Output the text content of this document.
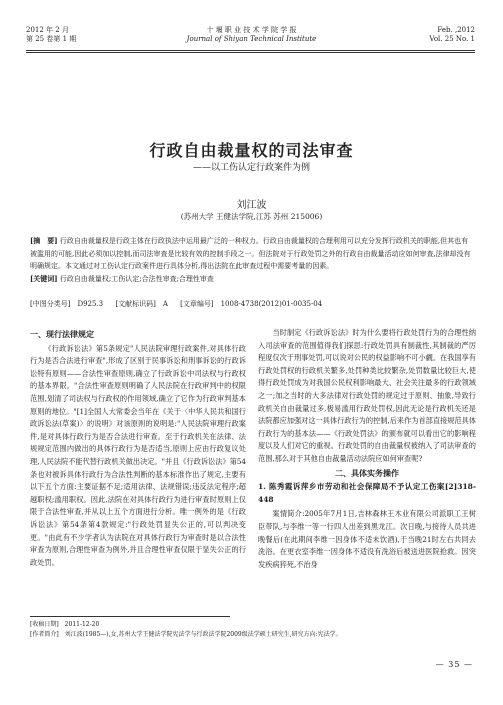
2012 年 2 月
第 25 卷第 1 期
十 堰 职 业 技 术 学 院 学 报
Journal of Shiyan Technical Institute
Feb. ,2012
Vol. 25 No. 1
行政自由裁量权的司法审查
——以工伤认定行政案件为例
刘江波
(苏州大学 王健法学院,江苏 苏州 215006)

[摘　要] 行政自由裁量权是行政主体在行政执法中运用最广泛的一种权力。行政自由裁量权的合理利用可以充分发挥行政机关的职能,但其也有被滥用的可能,因此必须加以控制,而司法审查是比较有效的控制手段之一。但法院对于行政处罚之外的行政自由裁量活动应如何审查,法律却没有明确规定。本文通过对工伤认定行政案件进行具体分析,得出法院在此审查过程中需要考量的因素。

[关键词] 行政自由裁量权;工伤认定;合法性审查;合理性审查

[中图分类号]　D925.3 [文献标识码]　A [文章编号]　1008-4738(2012)01-0035-04
一、现行法律规定

《行政诉讼法》第5条规定"人民法院审理行政案件,对具体行政行为是否合法进行审查",形成了区别于民事诉讼和刑事诉讼的行政诉讼特有原则——合法性审查原则,确立了行政诉讼中司法权与行政权的基本界限。"合法性审查原则明确了人民法院在行政审判中的权限范围,划清了司法权与行政权的作用领域,确立了它作为行政审判基本原则的地位。"[1]全国人大常委会当年在《关于〈中华人民共和国行政诉讼法(草案)〉的说明》对该原则的说明是:"人民法院审理行政案件,是对具体行政行为是否合法进行审查。至于行政机关在法律、法规规定范围内做出的具体行政行为是否适当,原则上应由行政复议处理,人民法院不能代替行政机关做出决定。"并且《行政诉讼法》第54条也对被诉具体行政行为合法性判断的基本标准作出了规定,主要有以下五个方面:主要证据不足;适用法律、法规错误;违反法定程序;超越职权;滥用职权。因此,法院在对具体行政行为进行审查时原则上仅限于合法性审查,并从以上五个方面进行分析。唯一例外的是《行政诉讼法》第54条第4款规定:"行政处罚显失公正的,可以判决变更。"由此有不少学者认为法院在对具体行政行为审查时是以合法性审查为原则,合理性审查为例外,并且合理性审查仅限于显失公正的行政处罚。

当时制定《行政诉讼法》时为什么要将行政处罚行为的合理性纳入司法审查的范围值得我们探思:行政处罚具有制裁性,其制裁的严厉程度仅次于刑事处罚,可以说对公民的权益影响不可小觑。在我国享有行政处罚权的行政机关繁多,处罚种类比较繁杂,处罚数量比较巨大,使得行政处罚成为对我国公民权利影响最大、社会关注最多的行政领域之一;加之当时的大多法律对行政处罚的规定过于原则、抽象,导致行政机关自由裁量过多,极易滥用行政处罚权,因此无论是行政机关还是法院都应加强对这一具体行政行为的控制,后来作为首部直接规范具体行政行为的基本法——《行政处罚法》的颁布就可以看出它的影响程度以及人们对它的重视。行政处罚的自由裁量权被纳入了司法审查的范围,那么对于其他自由裁量活动法院应如何审查呢?

二、具体实务操作
1. 陈秀霞诉萍乡市劳动和社会保障局不予认定工伤案[2]318-448

案情简介:2005年7月1日,吉林森林王木业有限公司派职工王树臣带队,与李维一等一行四人出差到黑龙江。次日晚,与接待人员共进晚餐后(在此期间李维一因身体不适未饮酒),于当晚21时左右共同去洗浴。在更衣室李维一因身体不适没有洗浴后被送进医院抢救。因突发疾病猝死,不治身

[收稿日期]　2011-12-20
[作者简介]　刘江波(1985—),女,苏州大学王健法学院宪法学与行政法学院2009级法学硕士研究生,研究方向:宪法学。
— 35 —
